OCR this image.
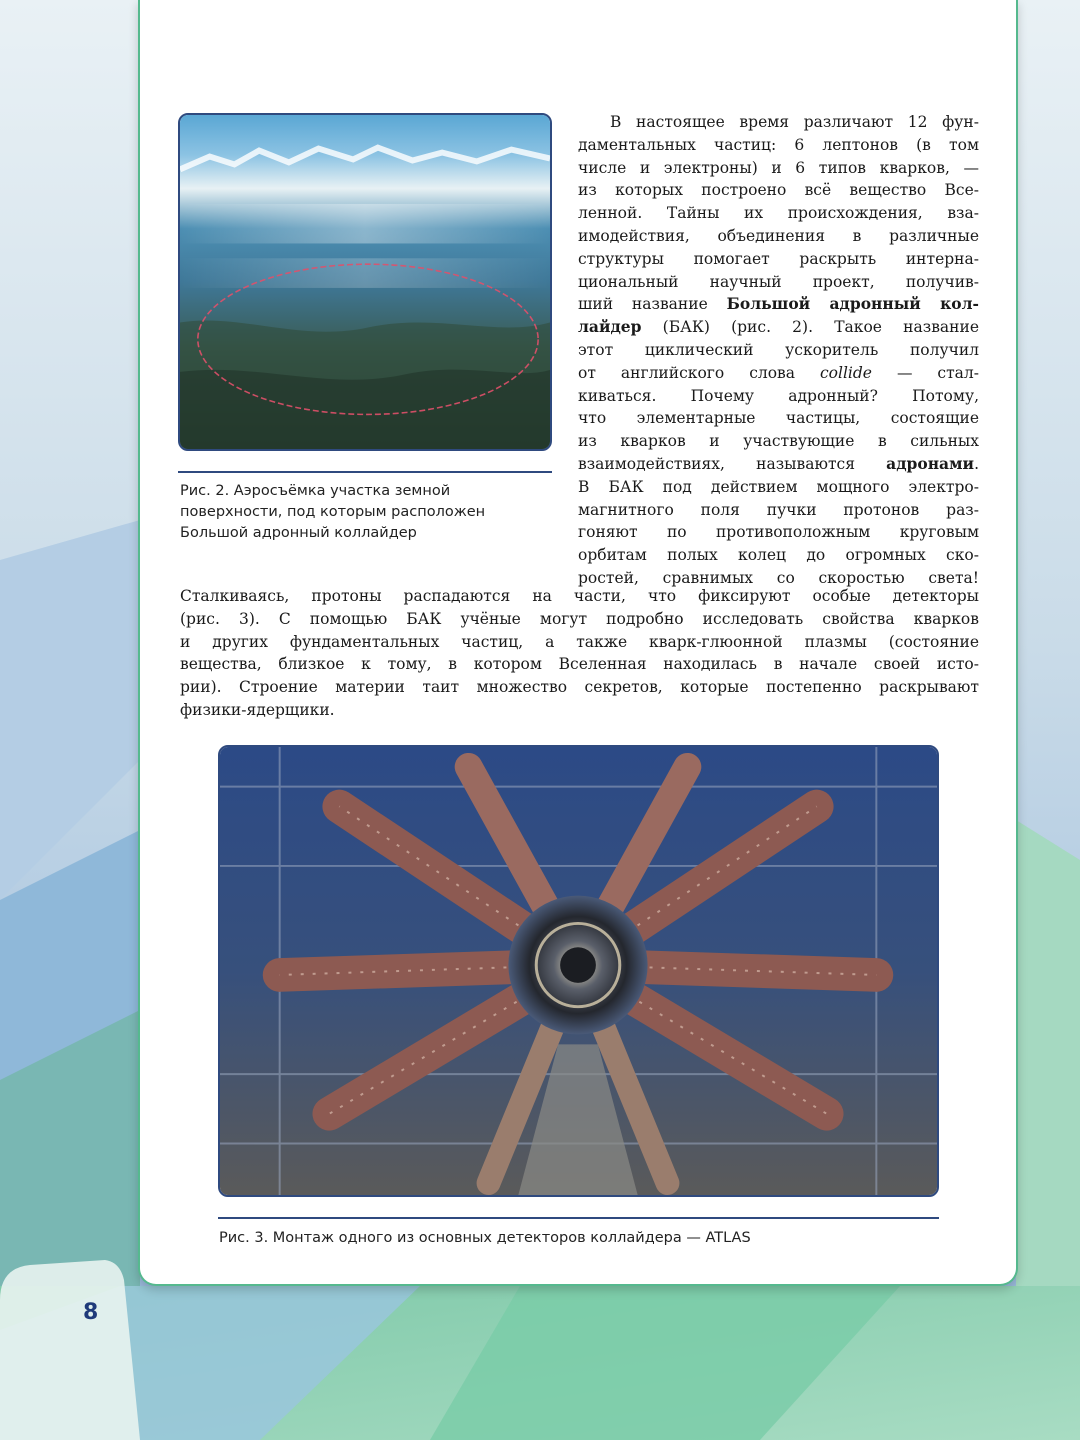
Рис. 2. Аэросъёмка участка земной
поверхности, под которым расположен
Большой адронный коллайдер
В настоящее время различают 12 фун-
даментальных частиц: 6 лептонов (в том
числе и электроны) и 6 типов кварков, —
из которых построено всё вещество Все-
ленной. Тайны их происхождения, вза-
имодействия, объединения в различные
структуры помогает раскрыть интерна-
циональный научный проект, получив-
ший название Большой адронный кол-
лайдер (БАК) (рис. 2). Такое название
этот циклический ускоритель получил
от английского слова collide — стал-
киваться. Почему адронный? Потому,
что элементарные частицы, состоящие
из кварков и участвующие в сильных
взаимодействиях, называются адронами.
В БАК под действием мощного электро-
магнитного поля пучки протонов раз-
гоняют по противоположным круговым
орбитам полых колец до огромных ско-
ростей, сравнимых со скоростью света!
Сталкиваясь, протоны распадаются на части, что фиксируют особые детекторы
(рис. 3). С помощью БАК учёные могут подробно исследовать свойства кварков
и других фундаментальных частиц, а также кварк-глюонной плазмы (состояние
вещества, близкое к тому, в котором Вселенная находилась в начале своей исто-
рии). Строение материи таит множество секретов, которые постепенно раскрывают
физики-ядерщики.
Рис. 3. Монтаж одного из основных детекторов коллайдера — ATLAS
8
